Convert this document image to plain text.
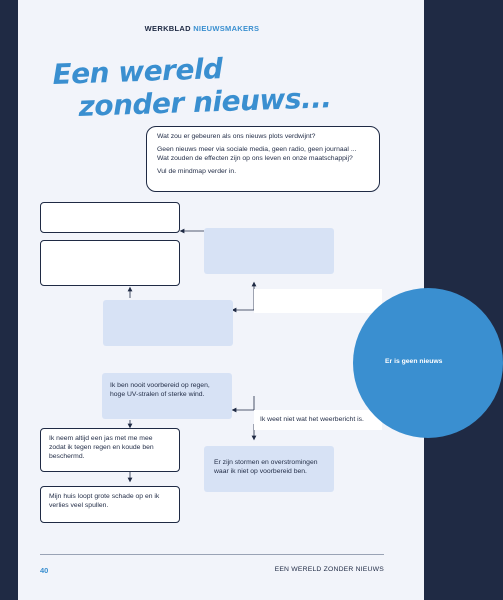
WERKBLAD NIEUWSMAKERS
Een wereld
zonder nieuws...

Wat zou er gebeuren als ons nieuws plots verdwijnt?

Geen nieuws meer via sociale media, geen radio, geen journaal ... Wat zouden de effecten zijn op ons leven en onze maatschappij?

Vul de mindmap verder in.

Ik ben nooit voorbereid op regen, hoge UV-stralen of sterke wind.
Ik weet niet wat het weerbericht is.
Ik neem altijd een jas met me mee zodat ik tegen regen en koude ben beschermd.
Er zijn stormen en overstromingen waar ik niet op voorbereid ben.
Mijn huis loopt grote schade op en ik verlies veel spullen.
Er is geen nieuws
40	EEN WERELD ZONDER NIEUWS
